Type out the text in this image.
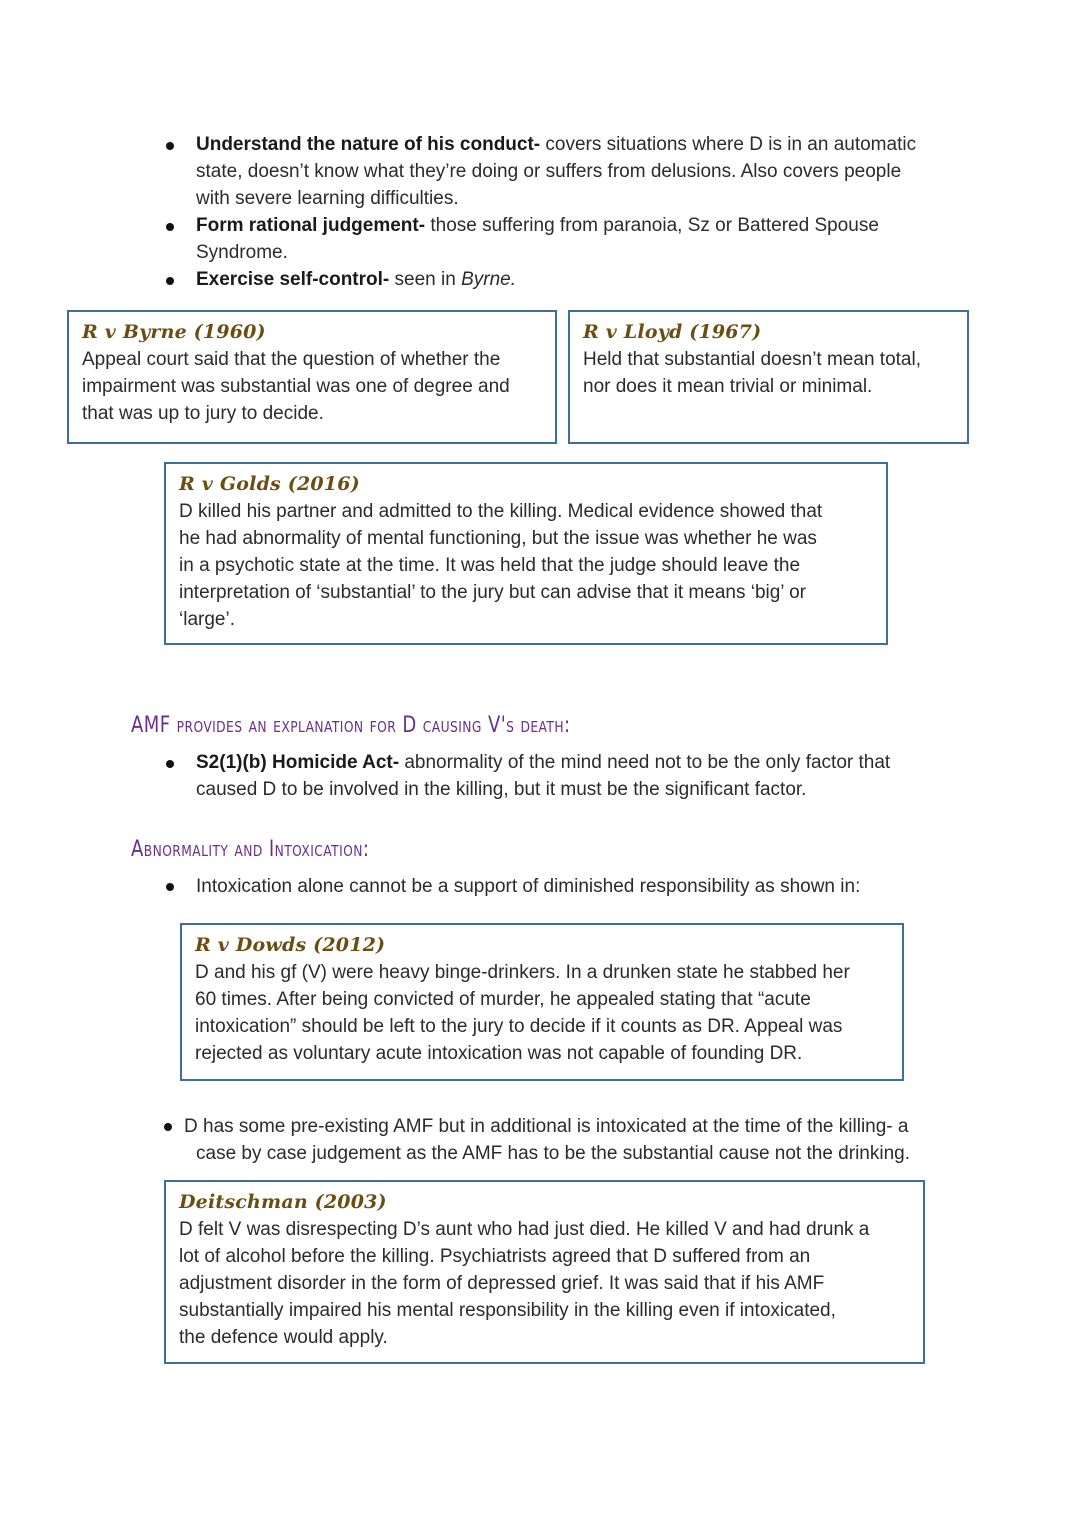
Understand the nature of his conduct- covers situations where D is in an automatic
state, doesn’t know what they’re doing or suffers from delusions. Also covers people
with severe learning difficulties.
Form rational judgement- those suffering from paranoia, Sz or Battered Spouse
Syndrome.
Exercise self-control- seen in Byrne.
R v Byrne (1960)
Appeal court said that the question of whether the
impairment was substantial was one of degree and
that was up to jury to decide.
R v Lloyd (1967)
Held that substantial doesn’t mean total,
nor does it mean trivial or minimal.
R v Golds (2016)
D killed his partner and admitted to the killing. Medical evidence showed that
he had abnormality of mental functioning, but the issue was whether he was
in a psychotic state at the time. It was held that the judge should leave the
interpretation of ‘substantial’ to the jury but can advise that it means ‘big’ or
‘large’.
AMF provides an explanation for D causing V's death:
S2(1)(b) Homicide Act- abnormality of the mind need not to be the only factor that
caused D to be involved in the killing, but it must be the significant factor.
Abnormality and Intoxication:
Intoxication alone cannot be a support of diminished responsibility as shown in:
R v Dowds (2012)
D and his gf (V) were heavy binge-drinkers. In a drunken state he stabbed her
60 times. After being convicted of murder, he appealed stating that “acute
intoxication” should be left to the jury to decide if it counts as DR. Appeal was
rejected as voluntary acute intoxication was not capable of founding DR.
D has some pre-existing AMF but in additional is intoxicated at the time of the killing- a
case by case judgement as the AMF has to be the substantial cause not the drinking.
Deitschman (2003)
D felt V was disrespecting D’s aunt who had just died. He killed V and had drunk a
lot of alcohol before the killing. Psychiatrists agreed that D suffered from an
adjustment disorder in the form of depressed grief. It was said that if his AMF
substantially impaired his mental responsibility in the killing even if intoxicated,
the defence would apply.
